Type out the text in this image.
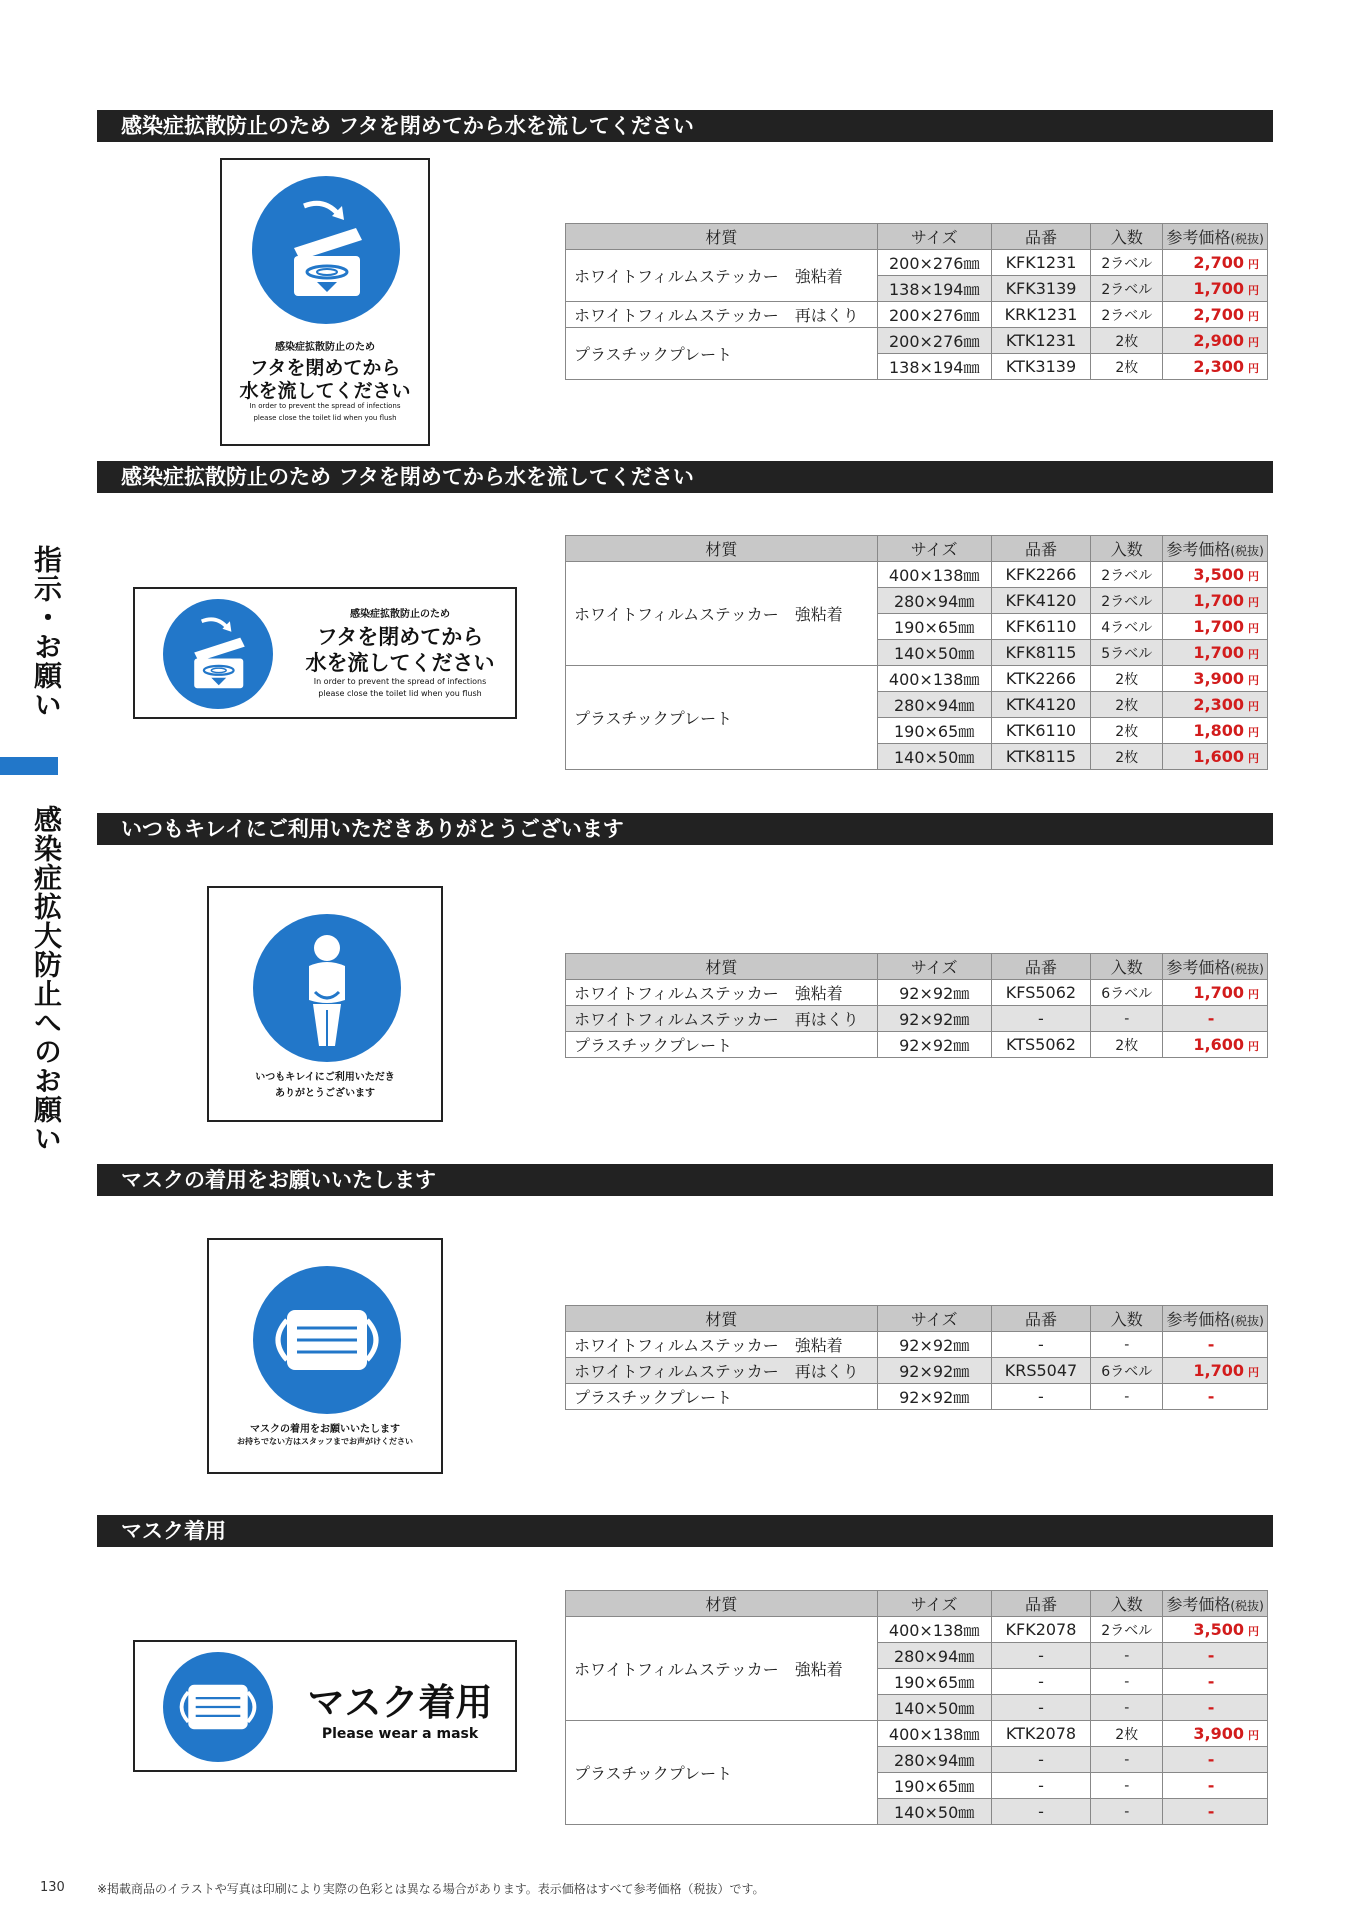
指示・お願い
感染症拡大防止へのお願い
感染症拡散防止のため フタを閉めてから水を流してください
感染症拡散防止のため
フタを閉めてから
水を流してください
In order to prevent the spread of infections
please close the toilet lid when you flush
材質	サイズ	品番	入数	参考価格(税抜)
ホワイトフィルムステッカー　強粘着	200×276㎜	KFK1231	2ラベル	2,700 円
	138×194㎜	KFK3139	2ラベル	1,700 円
ホワイトフィルムステッカー　再はくり	200×276㎜	KRK1231	2ラベル	2,700 円
プラスチックプレート	200×276㎜	KTK1231	2枚	2,900 円
	138×194㎜	KTK3139	2枚	2,300 円
感染症拡散防止のため フタを閉めてから水を流してください
感染症拡散防止のため
フタを閉めてから
水を流してください
In order to prevent the spread of infections
please close the toilet lid when you flush
材質	サイズ	品番	入数	参考価格(税抜)
ホワイトフィルムステッカー　強粘着	400×138㎜	KFK2266	2ラベル	3,500 円
	280×94㎜	KFK4120	2ラベル	1,700 円
	190×65㎜	KFK6110	4ラベル	1,700 円
	140×50㎜	KFK8115	5ラベル	1,700 円
プラスチックプレート	400×138㎜	KTK2266	2枚	3,900 円
	280×94㎜	KTK4120	2枚	2,300 円
	190×65㎜	KTK6110	2枚	1,800 円
	140×50㎜	KTK8115	2枚	1,600 円
いつもキレイにご利用いただきありがとうございます
いつもキレイにご利用いただき
ありがとうございます
材質	サイズ	品番	入数	参考価格(税抜)
ホワイトフィルムステッカー　強粘着	92×92㎜	KFS5062	6ラベル	1,700 円
ホワイトフィルムステッカー　再はくり	92×92㎜	-	-	-
プラスチックプレート	92×92㎜	KTS5062	2枚	1,600 円
マスクの着用をお願いいたします
マスクの着用をお願いいたします
お持ちでない方はスタッフまでお声がけください
材質	サイズ	品番	入数	参考価格(税抜)
ホワイトフィルムステッカー　強粘着	92×92㎜	-	-	-
ホワイトフィルムステッカー　再はくり	92×92㎜	KRS5047	6ラベル	1,700 円
プラスチックプレート	92×92㎜	-	-	-
マスク着用
マスク着用
Please wear a mask
材質	サイズ	品番	入数	参考価格(税抜)
ホワイトフィルムステッカー　強粘着	400×138㎜	KFK2078	2ラベル	3,500 円
	280×94㎜	-	-	-
	190×65㎜	-	-	-
	140×50㎜	-	-	-
プラスチックプレート	400×138㎜	KTK2078	2枚	3,900 円
	280×94㎜	-	-	-
	190×65㎜	-	-	-
	140×50㎜	-	-	-
130	※掲載商品のイラストや写真は印刷により実際の色彩とは異なる場合があります。表示価格はすべて参考価格（税抜）です。
